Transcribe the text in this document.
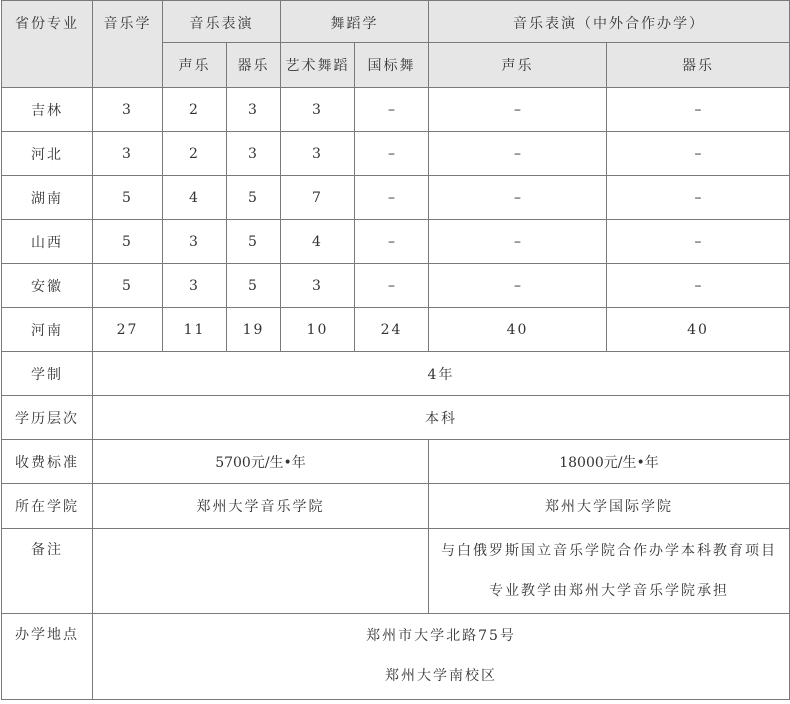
省份专业	音乐学	音乐表演		舞蹈学		音乐表演（中外合作办学）	
		声乐	器乐	艺术舞蹈	国标舞	声乐	器乐
吉林	3	2	3	3	–	–	–
河北	3	2	3	3	–	–	–
湖南	5	4	5	7	–	–	–
山西	5	3	5	4	–	–	–
安徽	5	3	5	3	–	–	–
河南	27	11	19	10	24	40	40
学制	4年						
学历层次	本科						
收费标准	5700元/生•年					18000元/生•年	
所在学院	郑州大学音乐学院					郑州大学国际学院	
备注						与白俄罗斯国立音乐学院合作办学本科教育项目
专业教学由郑州大学音乐学院承担	

办学地点	郑州市大学北路75号
郑州大学南校区						
